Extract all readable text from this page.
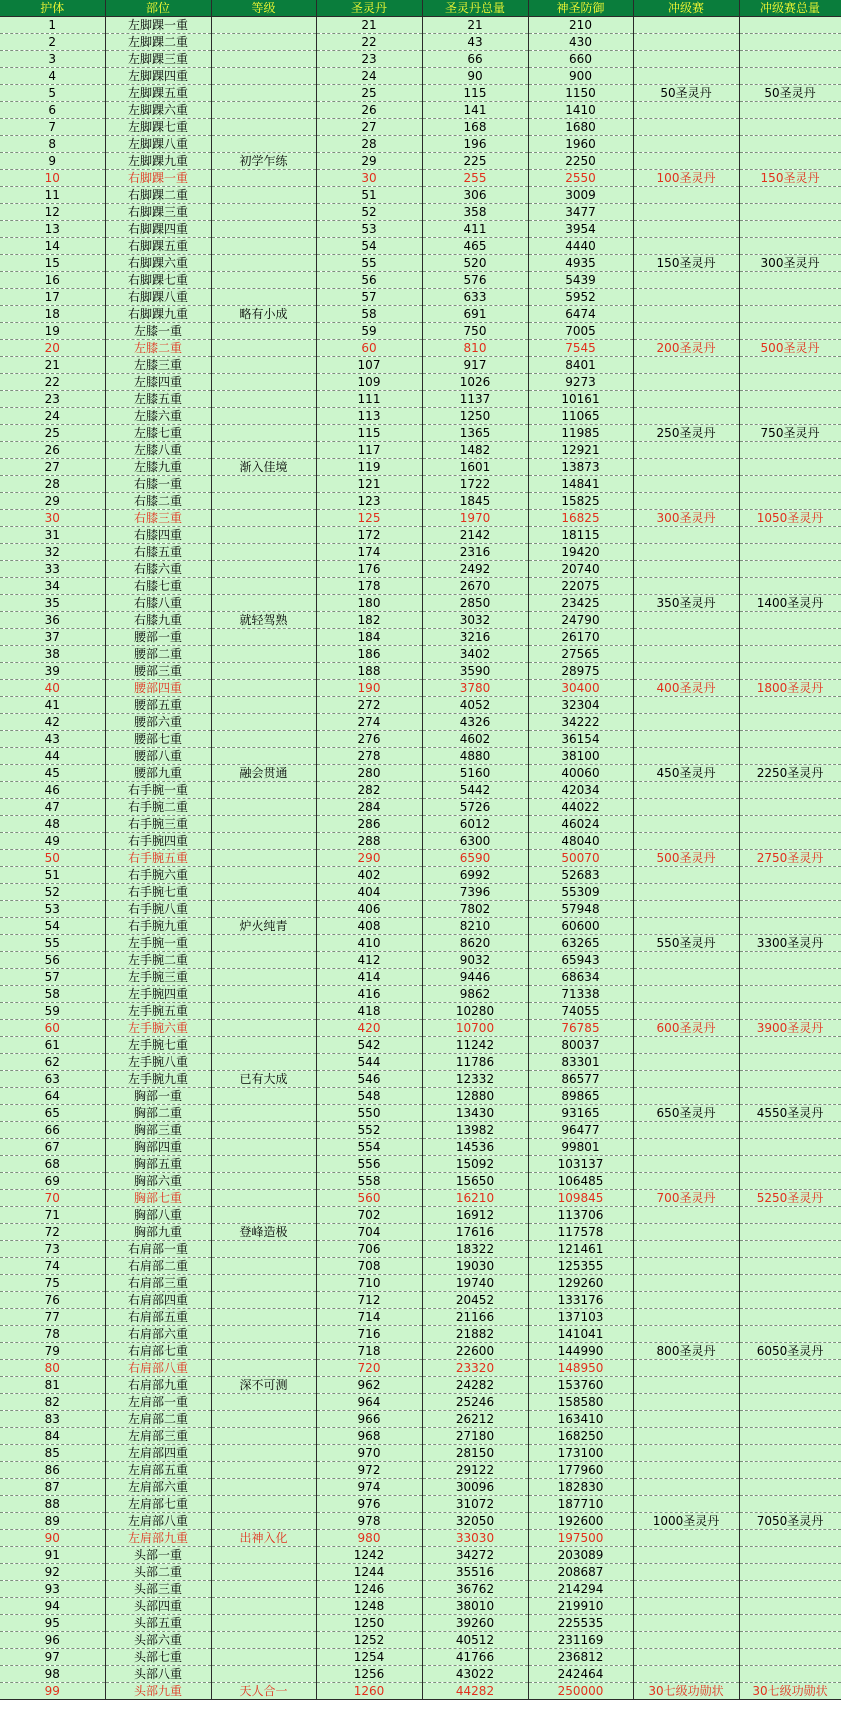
护体	部位	等级	圣灵丹	圣灵丹总量	神圣防御	冲级赛	冲级赛总量
1	左脚踝一重		21	21	210		
2	左脚踝二重		22	43	430		
3	左脚踝三重		23	66	660		
4	左脚踝四重		24	90	900		
5	左脚踝五重		25	115	1150	50圣灵丹	50圣灵丹
6	左脚踝六重		26	141	1410		
7	左脚踝七重		27	168	1680		
8	左脚踝八重		28	196	1960		
9	左脚踝九重	初学乍练	29	225	2250		
10	右脚踝一重		30	255	2550	100圣灵丹	150圣灵丹
11	右脚踝二重		51	306	3009		
12	右脚踝三重		52	358	3477		
13	右脚踝四重		53	411	3954		
14	右脚踝五重		54	465	4440		
15	右脚踝六重		55	520	4935	150圣灵丹	300圣灵丹
16	右脚踝七重		56	576	5439		
17	右脚踝八重		57	633	5952		
18	右脚踝九重	略有小成	58	691	6474		
19	左膝一重		59	750	7005		
20	左膝二重		60	810	7545	200圣灵丹	500圣灵丹
21	左膝三重		107	917	8401		
22	左膝四重		109	1026	9273		
23	左膝五重		111	1137	10161		
24	左膝六重		113	1250	11065		
25	左膝七重		115	1365	11985	250圣灵丹	750圣灵丹
26	左膝八重		117	1482	12921		
27	左膝九重	渐入佳境	119	1601	13873		
28	右膝一重		121	1722	14841		
29	右膝二重		123	1845	15825		
30	右膝三重		125	1970	16825	300圣灵丹	1050圣灵丹
31	右膝四重		172	2142	18115		
32	右膝五重		174	2316	19420		
33	右膝六重		176	2492	20740		
34	右膝七重		178	2670	22075		
35	右膝八重		180	2850	23425	350圣灵丹	1400圣灵丹
36	右膝九重	就轻驾熟	182	3032	24790		
37	腰部一重		184	3216	26170		
38	腰部二重		186	3402	27565		
39	腰部三重		188	3590	28975		
40	腰部四重		190	3780	30400	400圣灵丹	1800圣灵丹
41	腰部五重		272	4052	32304		
42	腰部六重		274	4326	34222		
43	腰部七重		276	4602	36154		
44	腰部八重		278	4880	38100		
45	腰部九重	融会贯通	280	5160	40060	450圣灵丹	2250圣灵丹
46	右手腕一重		282	5442	42034		
47	右手腕二重		284	5726	44022		
48	右手腕三重		286	6012	46024		
49	右手腕四重		288	6300	48040		
50	右手腕五重		290	6590	50070	500圣灵丹	2750圣灵丹
51	右手腕六重		402	6992	52683		
52	右手腕七重		404	7396	55309		
53	右手腕八重		406	7802	57948		
54	右手腕九重	炉火纯青	408	8210	60600		
55	左手腕一重		410	8620	63265	550圣灵丹	3300圣灵丹
56	左手腕二重		412	9032	65943		
57	左手腕三重		414	9446	68634		
58	左手腕四重		416	9862	71338		
59	左手腕五重		418	10280	74055		
60	左手腕六重		420	10700	76785	600圣灵丹	3900圣灵丹
61	左手腕七重		542	11242	80037		
62	左手腕八重		544	11786	83301		
63	左手腕九重	已有大成	546	12332	86577		
64	胸部一重		548	12880	89865		
65	胸部二重		550	13430	93165	650圣灵丹	4550圣灵丹
66	胸部三重		552	13982	96477		
67	胸部四重		554	14536	99801		
68	胸部五重		556	15092	103137		
69	胸部六重		558	15650	106485		
70	胸部七重		560	16210	109845	700圣灵丹	5250圣灵丹
71	胸部八重		702	16912	113706		
72	胸部九重	登峰造极	704	17616	117578		
73	右肩部一重		706	18322	121461		
74	右肩部二重		708	19030	125355		
75	右肩部三重		710	19740	129260		
76	右肩部四重		712	20452	133176		
77	右肩部五重		714	21166	137103		
78	右肩部六重		716	21882	141041		
79	右肩部七重		718	22600	144990	800圣灵丹	6050圣灵丹
80	右肩部八重		720	23320	148950		
81	右肩部九重	深不可测	962	24282	153760		
82	左肩部一重		964	25246	158580		
83	左肩部二重		966	26212	163410		
84	左肩部三重		968	27180	168250		
85	左肩部四重		970	28150	173100		
86	左肩部五重		972	29122	177960		
87	左肩部六重		974	30096	182830		
88	左肩部七重		976	31072	187710		
89	左肩部八重		978	32050	192600	1000圣灵丹	7050圣灵丹
90	左肩部九重	出神入化	980	33030	197500		
91	头部一重		1242	34272	203089		
92	头部二重		1244	35516	208687		
93	头部三重		1246	36762	214294		
94	头部四重		1248	38010	219910		
95	头部五重		1250	39260	225535		
96	头部六重		1252	40512	231169		
97	头部七重		1254	41766	236812		
98	头部八重		1256	43022	242464		
99	头部九重	天人合一	1260	44282	250000	30七级功勋状	30七级功勋状
